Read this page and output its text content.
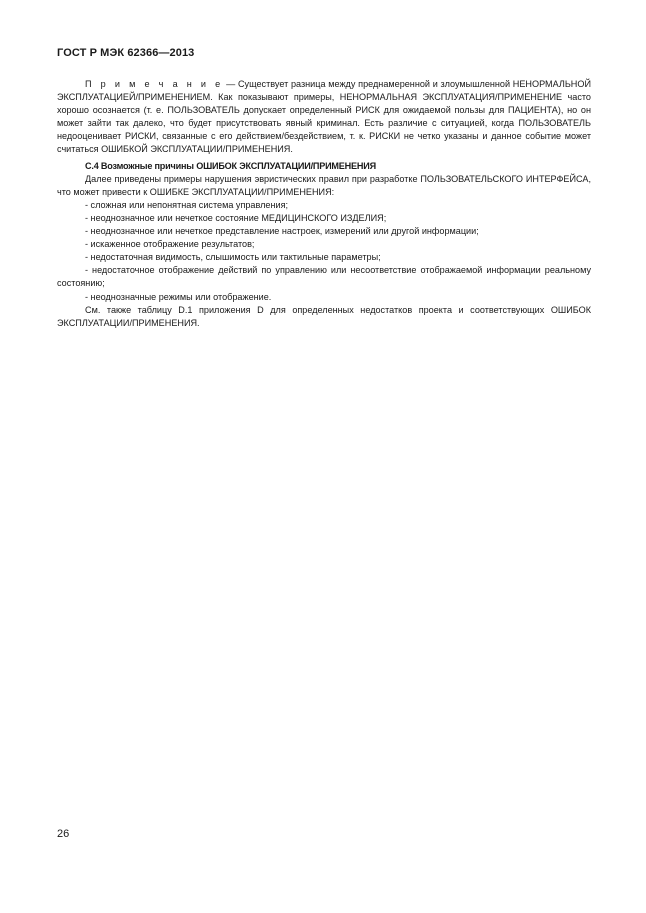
ГОСТ Р МЭК 62366—2013

П р и м е ч а н и е — Существует разница между преднамеренной и злоумышленной НЕНОРМАЛЬНОЙ ЭКСПЛУАТАЦИЕЙ/ПРИМЕНЕНИЕМ. Как показывают примеры, НЕНОРМАЛЬНАЯ ЭКСПЛУАТАЦИЯ/ПРИМЕНЕНИЕ часто хорошо осознается (т. е. ПОЛЬЗОВАТЕЛЬ допускает определенный РИСК для ожидаемой пользы для ПАЦИЕНТА), но он может зайти так далеко, что будет присутствовать явный криминал. Есть различие с ситуацией, когда ПОЛЬЗОВАТЕЛЬ недооценивает РИСКИ, связанные с его действием/бездействием, т. к. РИСКИ не четко указаны и данное событие может считаться ОШИБКОЙ ЭКСПЛУАТАЦИИ/ПРИМЕНЕНИЯ.

С.4 Возможные причины ОШИБОК ЭКСПЛУАТАЦИИ/ПРИМЕНЕНИЯ

Далее приведены примеры нарушения эвристических правил при разработке ПОЛЬЗОВАТЕЛЬСКОГО ИНТЕРФЕЙСА, что может привести к ОШИБКЕ ЭКСПЛУАТАЦИИ/ПРИМЕНЕНИЯ:

- сложная или непонятная система управления;
- неоднозначное или нечеткое состояние МЕДИЦИНСКОГО ИЗДЕЛИЯ;
- неоднозначное или нечеткое представление настроек, измерений или другой информации;
- искаженное отображение результатов;
- недостаточная видимость, слышимость или тактильные параметры;
- недостаточное отображение действий по управлению или несоответствие отображаемой информации реальному состоянию;
- неоднозначные режимы или отображение.

См. также таблицу D.1 приложения D для определенных недостатков проекта и соответствующих ОШИБОК ЭКСПЛУАТАЦИИ/ПРИМЕНЕНИЯ.

26
